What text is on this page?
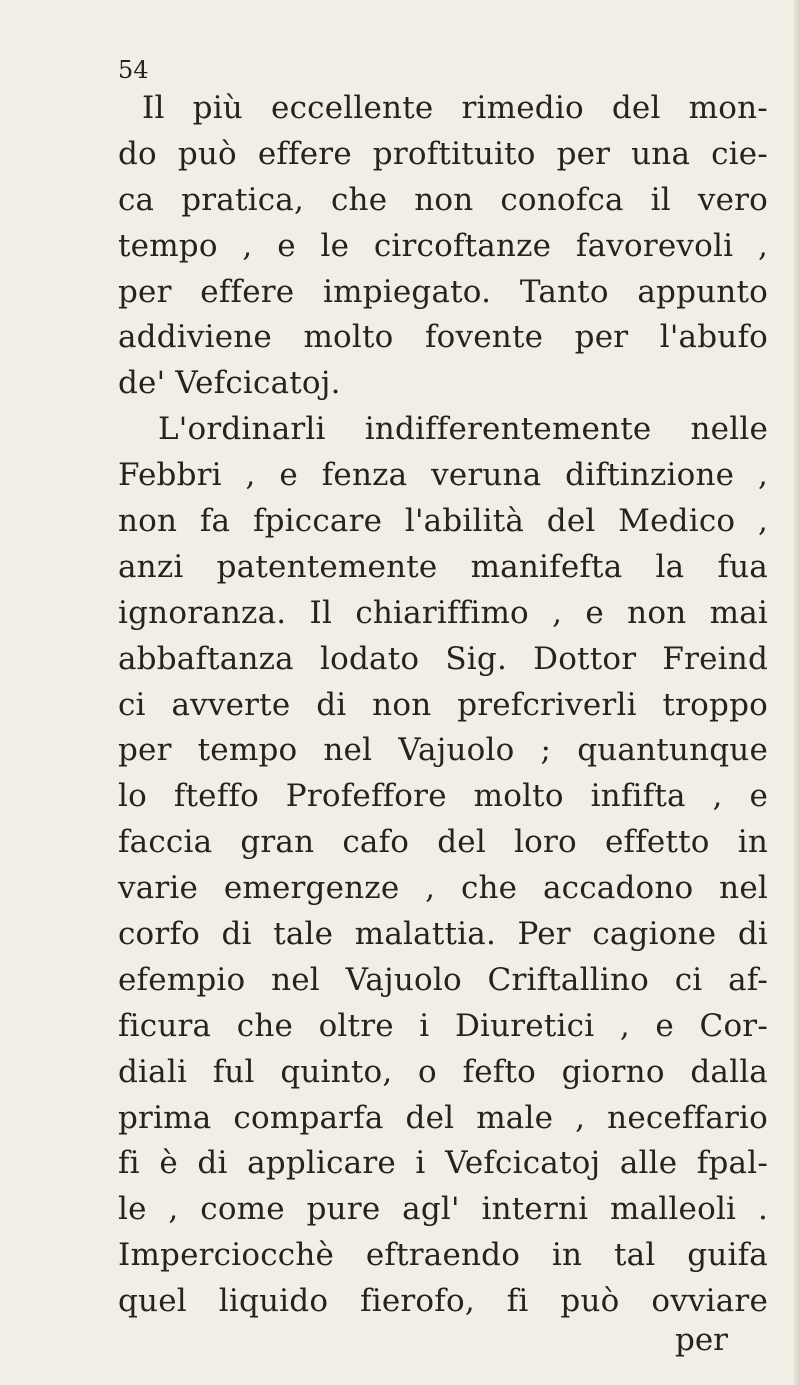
54
Il più eccellente rimedio del mon-
do può effere proftituito per una cie-
ca pratica, che non conofca il vero
tempo , e le circoftanze favorevoli ,
per effere impiegato. Tanto appunto
addiviene molto fovente per l'abufo
de' Vefcicatoj.
L'ordinarli indifferentemente nelle
Febbri , e fenza veruna diftinzione ,
non fa fpiccare l'abilità del Medico ,
anzi patentemente manifefta la fua
ignoranza. Il chiariffimo , e non mai
abbaftanza lodato Sig. Dottor Freind
ci avverte di non prefcriverli troppo
per tempo nel Vajuolo ; quantunque
lo fteffo Profeffore molto infifta , e
faccia gran cafo del loro effetto in
varie emergenze , che accadono nel
corfo di tale malattia. Per cagione di
efempio nel Vajuolo Criftallino ci af-
ficura che oltre i Diuretici , e Cor-
diali ful quinto, o fefto giorno dalla
prima comparfa del male , neceffario
fi è di applicare i Vefcicatoj alle fpal-
le , come pure agl' interni malleoli .
Imperciocchè eftraendo in tal guifa
quel liquido fierofo, fi può ovviare
per
